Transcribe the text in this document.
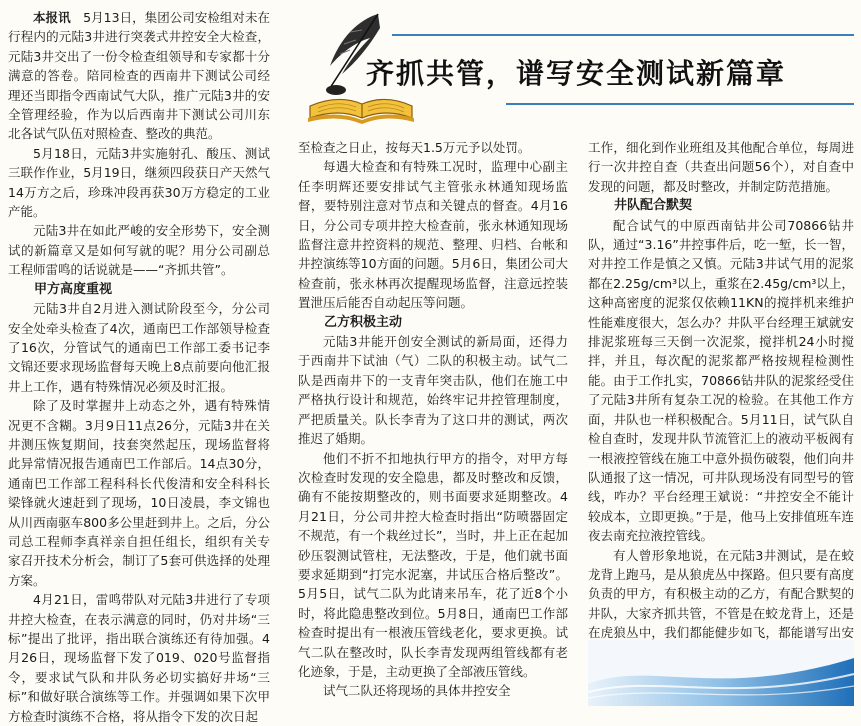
本报讯　 5月13日，集团公司安检组对未在行程内的元陆3井进行突袭式井控安全大检查，元陆3井交出了一份令检查组领导和专家都十分满意的答卷。陪同检查的西南井下测试公司经理还当即指令西南试气大队，推广元陆3井的安全管理经验，作为以后西南井下测试公司川东北各试气队伍对照检查、整改的典范。

5月18日，元陆3井实施射孔、酸压、测试三联作作业，5月19日，继须四段获日产天然气14万方之后，珍珠冲段再获30万方稳定的工业产能。

元陆3井在如此严峻的安全形势下，安全测试的新篇章又是如何写就的呢？用分公司副总工程师雷鸣的话说就是——“齐抓共管”。

甲方高度重视

元陆3井自2月进入测试阶段至今，分公司安全处牵头检查了4次，通南巴工作部领导检查了16次，分管试气的通南巴工作部工委书记李文锦还要求现场监督每天晚上8点前要向他汇报井上工作，遇有特殊情况必须及时汇报。

除了及时掌握井上动态之外，遇有特殊情况更不含糊。3月9日11点26分，元陆3井在关井测压恢复期间，技套突然起压，现场监督将此异常情况报告通南巴工作部后。14点30分，通南巴工作部工程科科长代俊清和安全科科长梁锋就火速赶到了现场，10日凌晨，李文锦也从川西南驱车800多公里赶到井上。之后，分公司总工程师李真祥亲自担任组长，组织有关专家召开技术分析会，制订了5套可供选择的处理方案。

4月21日，雷鸣带队对元陆3井进行了专项井控大检查，在表示满意的同时，仍对井场“三标”提出了批评，指出联合演练还有待加强。4月26日，现场监督下发了019、020号监督指令，要求试气队和井队务必切实搞好井场“三标”和做好联合演练等工作。并强调如果下次甲方检查时演练不合格，将从指令下发的次日起

齐抓共管，谱写安全测试新篇章

至检查之日止，按每天1.5万元予以处罚。

每遇大检查和有特殊工况时，监理中心副主任李明辉还要安排试气主管张永林通知现场监督，要特别注意对节点和关键点的督查。4月16日，分公司专项井控大检查前，张永林通知现场监督注意井控资料的规范、整理、归档、台帐和井控演练等10方面的问题。5月6日，集团公司大检查前，张永林再次提醒现场监督，注意远控装置泄压后能否自动起压等问题。

乙方积极主动

元陆3井能开创安全测试的新局面，还得力于西南井下试油（气）二队的积极主动。试气二队是西南井下的一支青年突击队，他们在施工中严格执行设计和规范，始终牢记井控管理制度，严把质量关。队长李青为了这口井的测试，两次推迟了婚期。

他们不折不扣地执行甲方的指令，对甲方每次检查时发现的安全隐患，都及时整改和反馈，确有不能按期整改的，则书面要求延期整改。4月21日，分公司井控大检查时指出“防喷器固定不规范，有一个栽丝过长”，当时，井上正在起加砂压裂测试管柱，无法整改，于是，他们就书面要求延期到“打完水泥塞，井试压合格后整改”。5月5日，试气二队为此请来吊车，花了近8个小时，将此隐患整改到位。5月8日，通南巴工作部检查时提出有一根液压管线老化，要求更换。试气二队在整改时，队长李青发现两组管线都有老化迹象，于是，主动更换了全部液压管线。

试气二队还将现场的具体井控安全

工作，细化到作业班组及其他配合单位，每周进行一次井控自查（共查出问题56个），对自查中发现的问题，都及时整改，并制定防范措施。

井队配合默契

配合试气的中原西南钻井公司70866钻井队，通过“3.16”井控事件后，吃一堑，长一智，对井控工作是慎之又慎。元陆3井试气用的泥浆都在2.25g/cm³以上，重浆在2.45g/cm³以上，这种高密度的泥浆仅依赖11KN的搅拌机来维护性能难度很大，怎么办？井队平台经理王斌就安排泥浆班每三天倒一次泥浆，搅拌机24小时搅拌，并且，每次配的泥浆都严格按规程检测性能。由于工作扎实，70866钻井队的泥浆经受住了元陆3井所有复杂工况的检验。在其他工作方面，井队也一样积极配合。5月11日，试气队自检自查时，发现井队节流管汇上的液动平板阀有一根液控管线在施工中意外损伤破裂，他们向井队通报了这一情况，可井队现场没有同型号的管线，咋办？平台经理王斌说：“井控安全不能计较成本，立即更换。”于是，他马上安排值班车连夜去南充拉液控管线。

有人曾形象地说，在元陆3井测试，是在蛟龙背上跑马，是从狼虎丛中探路。但只要有高度负责的甲方，有积极主动的乙方，有配合默契的井队，大家齐抓共管，不管是在蛟龙背上，还是在虎狼丛中，我们都能健步如飞，都能谱写出安
